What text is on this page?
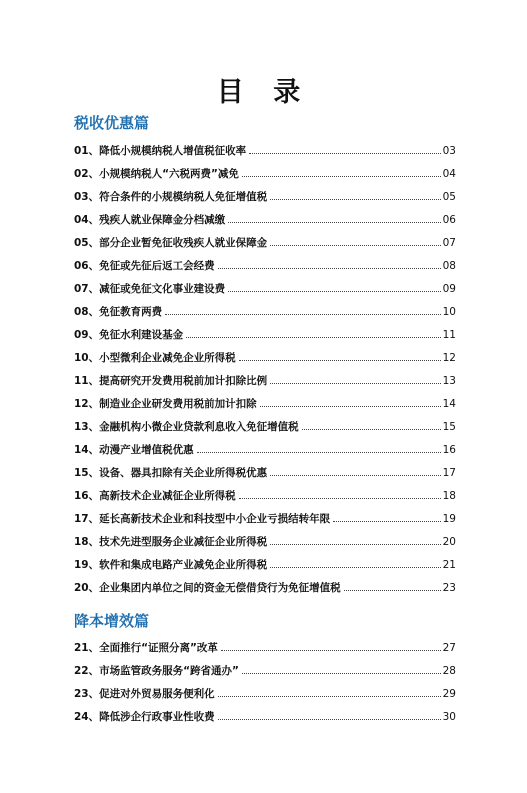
目 录
税收优惠篇
01、降低小规模纳税人增值税征收率	03
02、小规模纳税人“六税两费”减免	04
03、符合条件的小规模纳税人免征增值税	05
04、残疾人就业保障金分档减缴	06
05、部分企业暂免征收残疾人就业保障金	07
06、免征或先征后返工会经费	08
07、减征或免征文化事业建设费	09
08、免征教育两费	10
09、免征水利建设基金	11
10、小型微利企业减免企业所得税	12
11、提高研究开发费用税前加计扣除比例	13
12、制造业企业研发费用税前加计扣除	14
13、金融机构小微企业贷款利息收入免征增值税	15
14、动漫产业增值税优惠	16
15、设备、器具扣除有关企业所得税优惠	17
16、高新技术企业减征企业所得税	18
17、延长高新技术企业和科技型中小企业亏损结转年限	19
18、技术先进型服务企业减征企业所得税	20
19、软件和集成电路产业减免企业所得税	21
20、企业集团内单位之间的资金无偿借贷行为免征增值税	23
降本增效篇
21、全面推行“证照分离”改革	27
22、市场监管政务服务“跨省通办”	28
23、促进对外贸易服务便利化	29
24、降低涉企行政事业性收费	30
